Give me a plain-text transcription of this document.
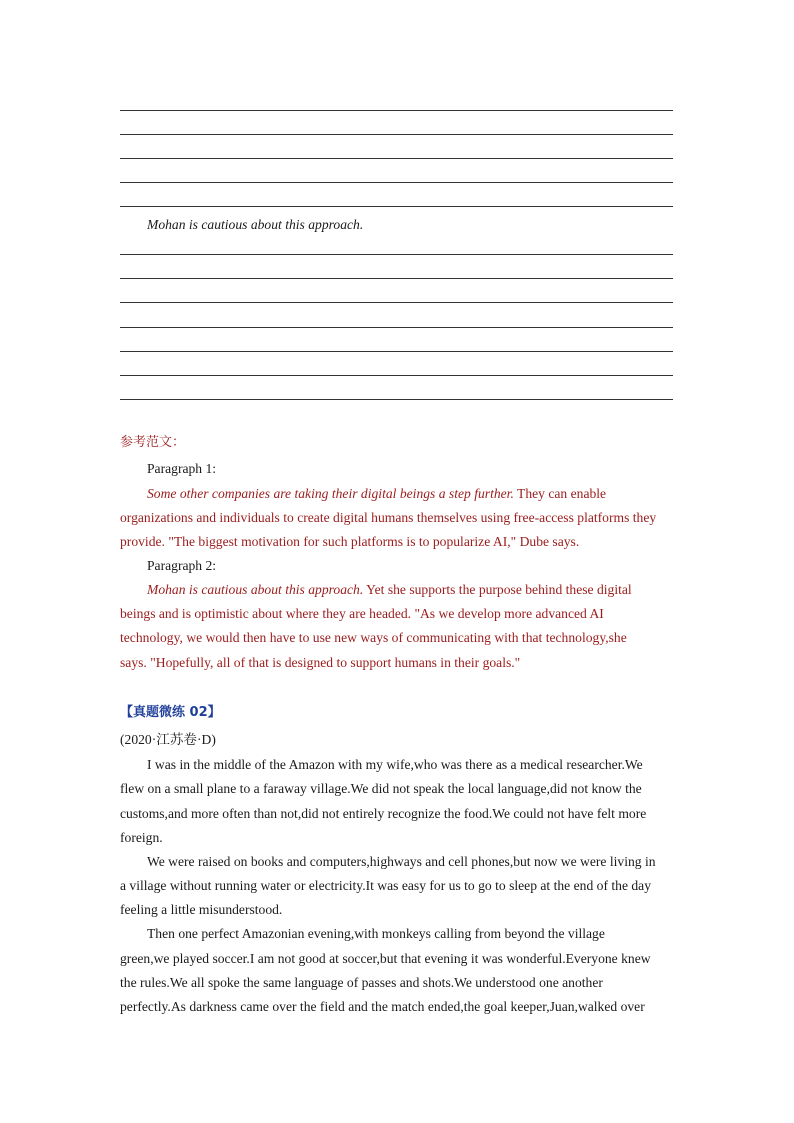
Mohan is cautious about this approach.
参考范文：
Paragraph 1:
Some other companies are taking their digital beings a step further. They can enable
organizations and individuals to create digital humans themselves using free-access platforms they
provide. "The biggest motivation for such platforms is to popularize AI," Dube says.
Paragraph 2:
Mohan is cautious about this approach. Yet she supports the purpose behind these digital
beings and is optimistic about where they are headed. "As we develop more advanced AI
technology, we would then have to use new ways of communicating with that technology,she
says. "Hopefully, all of that is designed to support humans in their goals."
【真题微练 02】
(2020·江苏卷·D)
I was in the middle of the Amazon with my wife,who was there as a medical researcher.We
flew on a small plane to a faraway village.We did not speak the local language,did not know the
customs,and more often than not,did not entirely recognize the food.We could not have felt more
foreign.
We were raised on books and computers,highways and cell phones,but now we were living in
a village without running water or electricity.It was easy for us to go to sleep at the end of the day
feeling a little misunderstood.
Then one perfect Amazonian evening,with monkeys calling from beyond the village
green,we played soccer.I am not good at soccer,but that evening it was wonderful.Everyone knew
the rules.We all spoke the same language of passes and shots.We understood one another
perfectly.As darkness came over the field and the match ended,the goal keeper,Juan,walked over
